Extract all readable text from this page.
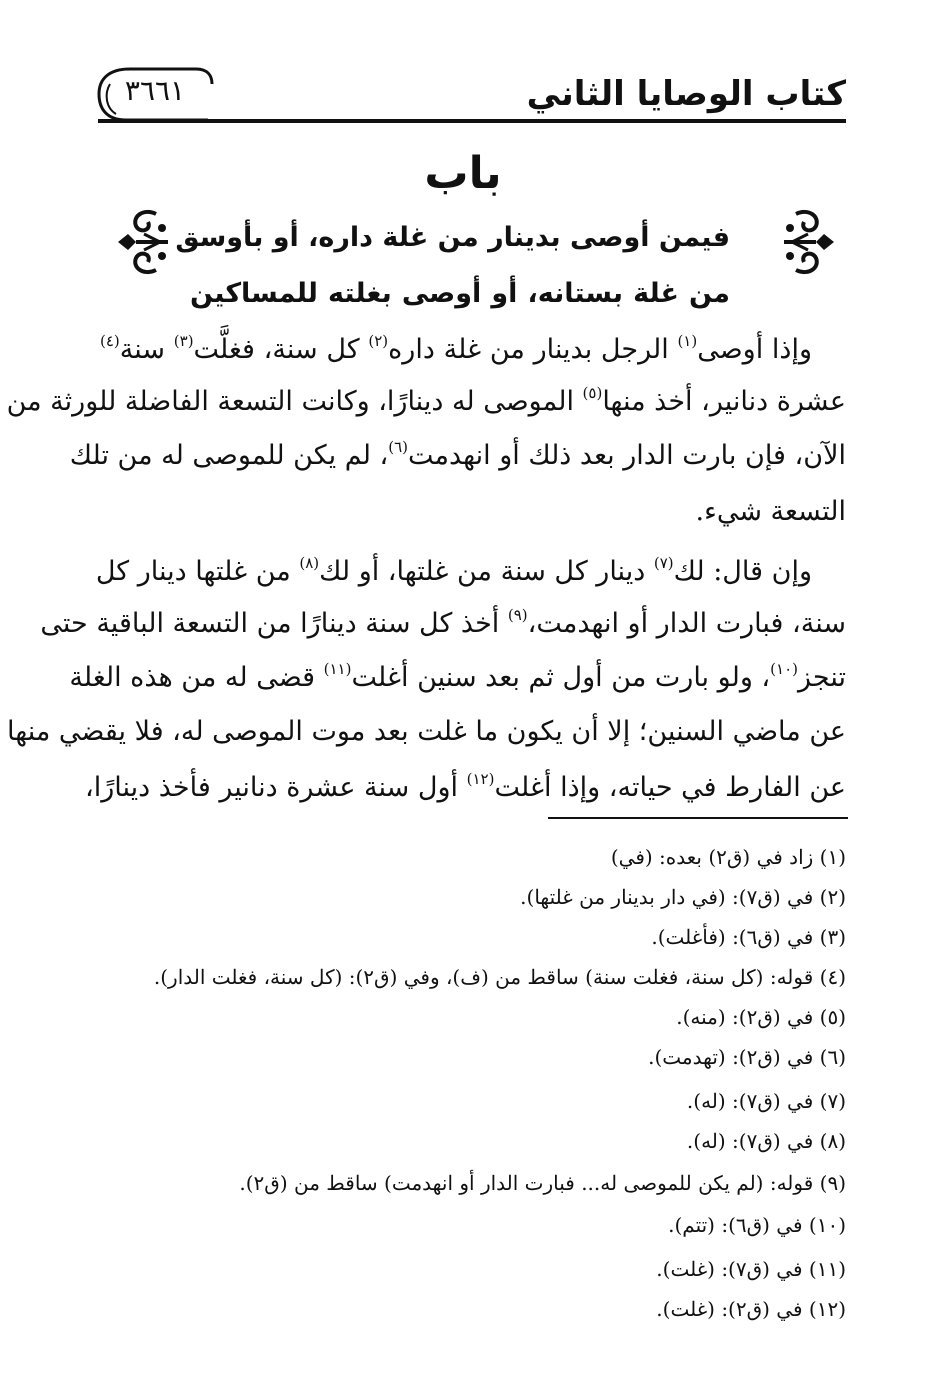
كتاب الوصايا الثاني
٣٦٦١
باب
فيمن أوصى بدينار من غلة داره، أو بأوسق
من غلة بستانه، أو أوصى بغلته للمساكين
وإذا أوصى$^{(١)}$ الرجل بدينار من غلة داره$^{(٢)}$ كل سنة، فغلَّت$^{(٣)}$ سنة$^{(٤)}$
عشرة دنانير، أخذ منها$^{(٥)}$ الموصى له دينارًا، وكانت التسعة الفاضلة للورثة من
الآن، فإن بارت الدار بعد ذلك أو انهدمت$^{(٦)}$، لم يكن للموصى له من تلك
التسعة شيء.
وإن قال: لك$^{(٧)}$ دينار كل سنة من غلتها، أو لك$^{(٨)}$ من غلتها دينار كل
سنة، فبارت الدار أو انهدمت،$^{(٩)}$ أخذ كل سنة دينارًا من التسعة الباقية حتى
تنجز$^{(١٠)}$، ولو بارت من أول ثم بعد سنين أغلت$^{(١١)}$ قضى له من هذه الغلة
عن ماضي السنين؛ إلا أن يكون ما غلت بعد موت الموصى له، فلا يقضي منها
عن الفارط في حياته، وإذا أغلت$^{(١٢)}$ أول سنة عشرة دنانير فأخذ دينارًا،
(١) زاد في (ق٢) بعده: (في)
(٢) في (ق٧): (في دار بدينار من غلتها).
(٣) في (ق٦): (فأغلت).
(٤) قوله: (كل سنة، فغلت سنة) ساقط من (ف)، وفي (ق٢): (كل سنة، فغلت الدار).
(٥) في (ق٢): (منه).
(٦) في (ق٢): (تهدمت).
(٧) في (ق٧): (له).
(٨) في (ق٧): (له).
(٩) قوله: (لم يكن للموصى له... فبارت الدار أو انهدمت) ساقط من (ق٢).
(١٠) في (ق٦): (تتم).
(١١) في (ق٧): (غلت).
(١٢) في (ق٢): (غلت).
